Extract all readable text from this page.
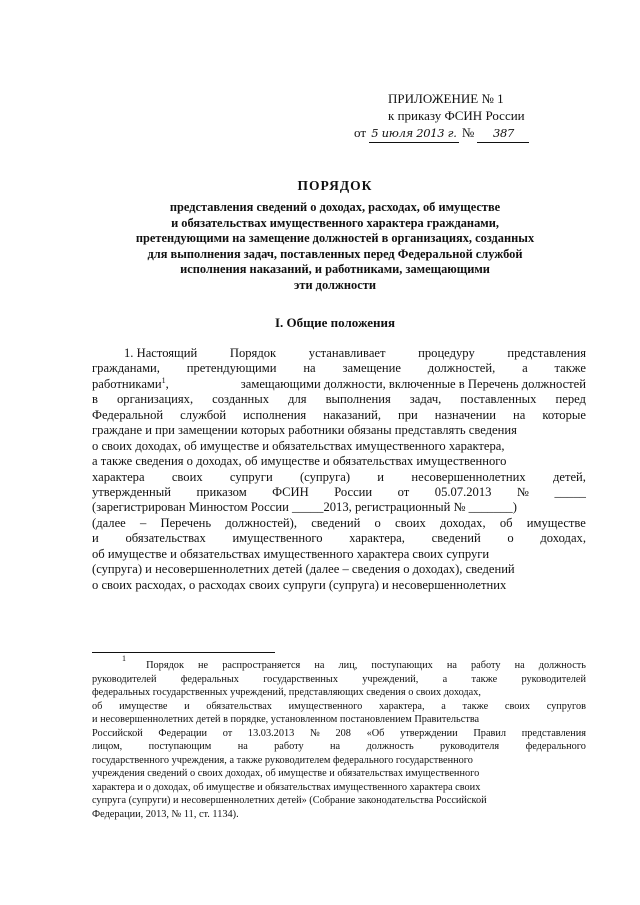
ПРИЛОЖЕНИЕ № 1
к приказу ФСИН России
от 5 июля 2013 г. № 387
ПОРЯДОК
представления сведений о доходах, расходах, об имуществе
и обязательствах имущественного характера гражданами,
претендующими на замещение должностей в организациях, созданных
для выполнения задач, поставленных перед Федеральной службой
исполнения наказаний, и работниками, замещающими
эти должности
I. Общие положения
1. Настоящий	Порядок	устанавливает	процедуру	представления
гражданами, претендующими на замещение должностей, а также
работниками$^1$,	замещающими должности, включенные в Перечень должностей
в организациях, созданных для выполнения задач, поставленных перед
Федеральной службой исполнения наказаний, при назначении на которые
граждане и при замещении которых работники обязаны представлять сведения
о своих доходах, об имуществе и обязательствах имущественного характера,
а также сведения о доходах, об имуществе и обязательствах имущественного
характера своих супруги (супруга) и несовершеннолетних детей,
утвержденный приказом ФСИН России от 05.07.2013 № _____
(зарегистрирован Минюстом России _____2013, регистрационный № _______)
(далее – Перечень должностей), сведений о своих доходах, об имуществе
и обязательствах имущественного характера, сведений о доходах,
об имуществе и обязательствах имущественного характера своих супруги
(супруга) и несовершеннолетних детей (далее – сведения о доходах), сведений
о своих расходах, о расходах своих супруги (супруга) и несовершеннолетних
1
Порядок не распространяется на лиц, поступающих на работу на должность
руководителей федеральных государственных учреждений, а также руководителей
федеральных государственных учреждений, представляющих сведения о своих доходах,
об имуществе и обязательствах имущественного характера, а также своих супругов
и несовершеннолетних детей в порядке, установленном постановлением Правительства
Российской Федерации от 13.03.2013 № 208 «Об утверждении Правил представления
лицом,	поступающим	на	работу	на	должность	руководителя	федерального
государственного учреждения, а также руководителем федерального государственного
учреждения сведений о своих доходах, об имуществе и обязательствах имущественного
характера и о доходах, об имуществе и обязательствах имущественного характера своих
супруга (супруги) и несовершеннолетних детей» (Собрание законодательства Российской
Федерации, 2013, № 11, ст. 1134).
